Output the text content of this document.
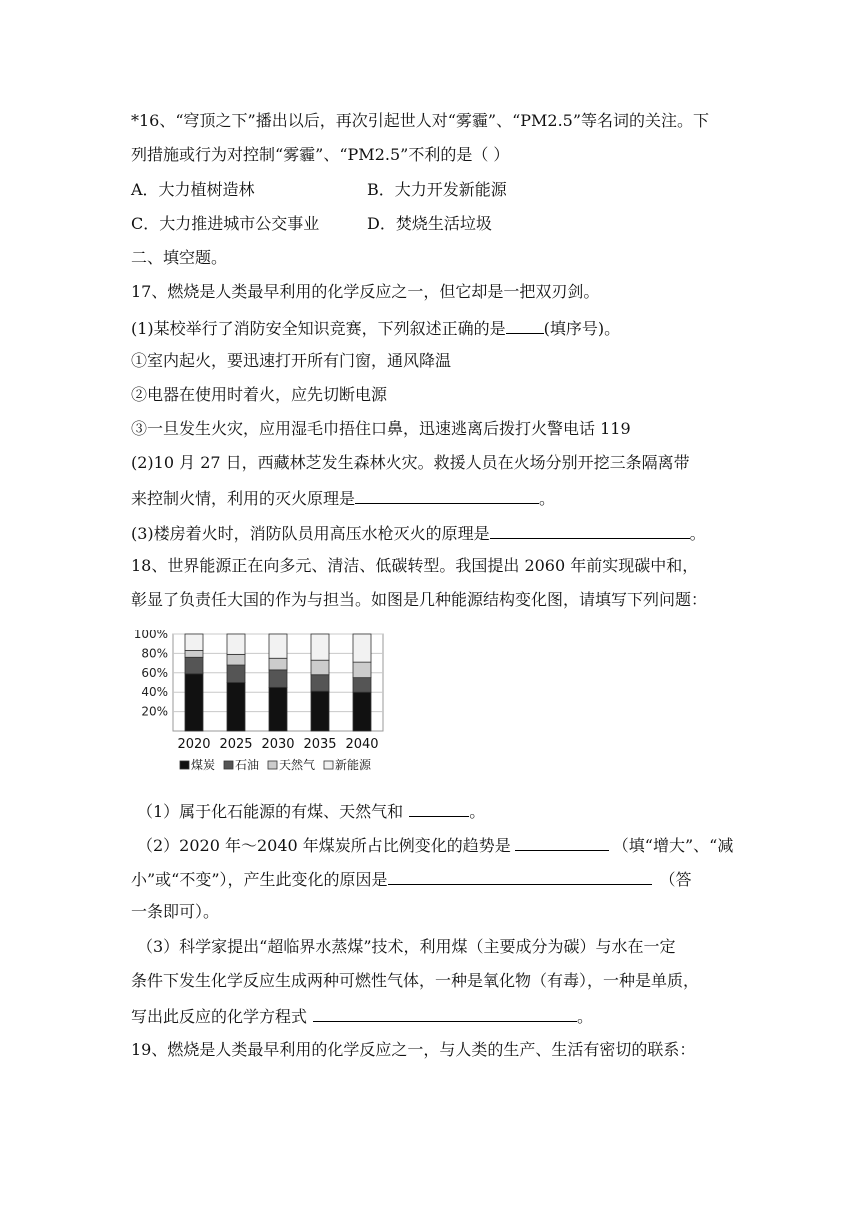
*16、“穹顶之下”播出以后，再次引起世人对“雾霾”、“PM2.5”等名词的关注。下
列措施或行为对控制“雾霾”、“PM2.5”不利的是（ ）
A．大力植树造林	B．大力开发新能源
C．大力推进城市公交事业	D．焚烧生活垃圾
二、填空题。
17、燃烧是人类最早利用的化学反应之一，但它却是一把双刃剑。
(1)某校举行了消防安全知识竞赛，下列叙述正确的是 (填序号)。
①室内起火，要迅速打开所有门窗，通风降温
②电器在使用时着火，应先切断电源
③一旦发生火灾，应用湿毛巾捂住口鼻，迅速逃离后拨打火警电话 119
(2)10 月 27 日，西藏林芝发生森林火灾。救援人员在火场分别开挖三条隔离带
来控制火情，利用的灭火原理是	。
(3)楼房着火时，消防队员用高压水枪灭火的原理是	。
18、世界能源正在向多元、清洁、低碳转型。我国提出 2060 年前实现碳中和，
彰显了负责任大国的作为与担当。如图是几种能源结构变化图，请填写下列问题：
20%
40%
60%
80%
100%
2020 2025 2030 2035 2040
煤炭 石油 天然气 新能源
（1）属于化石能源的有煤、天然气和	。
（2）2020 年～2040 年煤炭所占比例变化的趋势是	（填“增大”、“减
小”或“不变”），产生此变化的原因是	（答
一条即可）。
（3）科学家提出“超临界水蒸煤”技术，利用煤（主要成分为碳）与水在一定
条件下发生化学反应生成两种可燃性气体，一种是氧化物（有毒），一种是单质，
写出此反应的化学方程式	。
19、燃烧是人类最早利用的化学反应之一，与人类的生产、生活有密切的联系：
